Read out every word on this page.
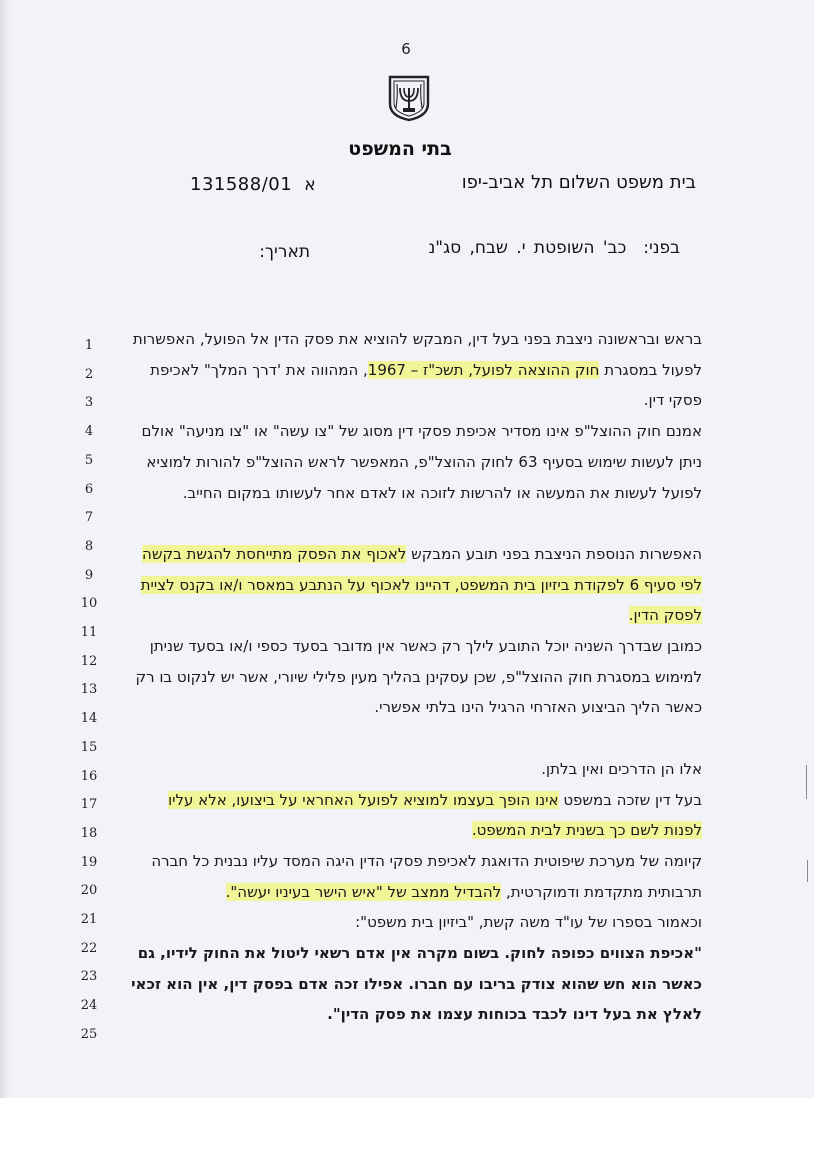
6
בתי המשפט
בית משפט השלום תל אביב-יפו
131588/01 א
בפני:  כב' השופטת י. שבח, סג"נ
תאריך:
1
2
3
4
5
6
7
8
9
10
11
12
13
14
15
16
17
18
19
20
21
22
23
24
25
בראש ובראשונה ניצבת בפני בעל דין, המבקש להוציא את פסק הדין אל הפועל, האפשרות לפעול במסגרת חוק ההוצאה לפועל, תשכ"ז – 1967, המהווה את 'דרך המלך" לאכיפת פסקי דין.
אמנם חוק ההוצל"פ אינו מסדיר אכיפת פסקי דין מסוג של "צו עשה" או "צו מניעה" אולם ניתן לעשות שימוש בסעיף 63 לחוק ההוצל"פ, המאפשר לראש ההוצל"פ להורות למוציא לפועל לעשות את המעשה או להרשות לזוכה או לאדם אחר לעשותו במקום החייב.
האפשרות הנוספת הניצבת בפני תובע המבקש לאכוף את הפסק מתייחסת להגשת בקשה לפי סעיף 6 לפקודת ביזיון בית המשפט, דהיינו לאכוף על הנתבע במאסר ו/או בקנס לציית לפסק הדין.
כמובן שבדרך השניה יוכל התובע לילך רק כאשר אין מדובר בסעד כספי ו/או בסעד שניתן למימוש במסגרת חוק ההוצל"פ, שכן עסקינן בהליך מעין פלילי שיורי, אשר יש לנקוט בו רק כאשר הליך הביצוע האזרחי הרגיל הינו בלתי אפשרי.
אלו הן הדרכים ואין בלתן.
בעל דין שזכה במשפט אינו הופך בעצמו למוציא לפועל האחראי על ביצועו, אלא עליו
לפנות לשם כך בשנית לבית המשפט.
קיומה של מערכת שיפוטית הדואגת לאכיפת פסקי הדין היגה המסד עליו נבנית כל חברה תרבותית מתקדמת ודמוקרטית, להבדיל ממצב של "איש הישר בעיניו יעשה".
וכאמור בספרו של עו"ד משה קשת, "ביזיון בית משפט":
"אכיפת הצווים כפופה לחוק. בשום מקרה אין אדם רשאי ליטול את החוק לידיו, גם כאשר הוא חש שהוא צודק בריבו עם חברו. אפילו זכה אדם בפסק דין, אין הוא זכאי לאלץ את בעל דינו לכבד בכוחות עצמו את פסק הדין".
